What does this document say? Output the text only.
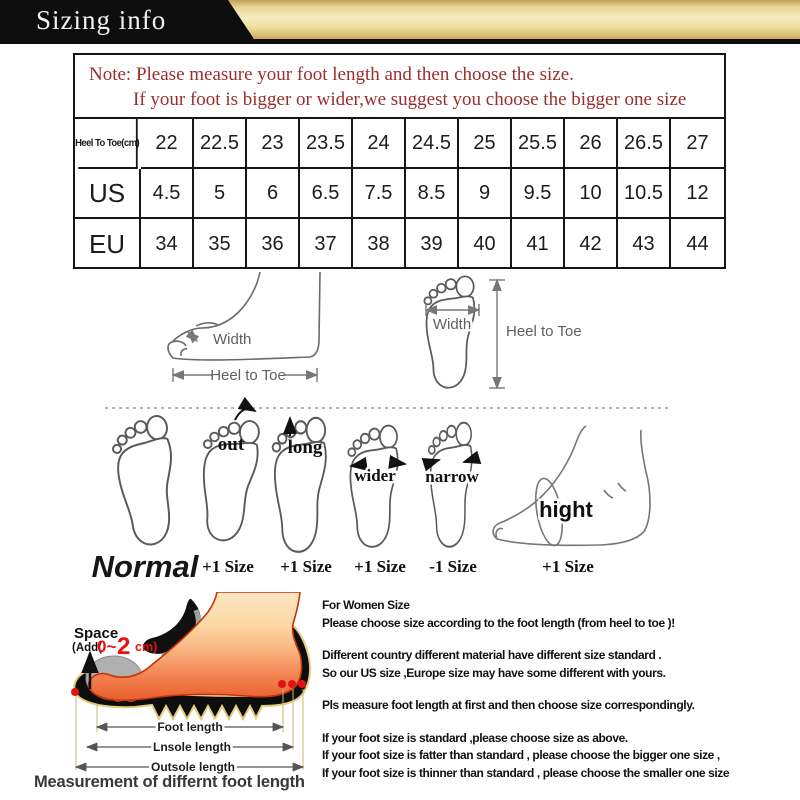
Sizing info
Note: Please measure your foot length and then choose the size.
If your foot is bigger or wider,we suggest you choose the bigger one size
Heel To Toe(cm) 22	22.5	23	23.5	24	24.5	25	25.5	26	26.5	27
US	4.5	5	6	6.5	7.5	8.5	9	9.5	10	10.5	12
EU	34	35	36	37	38	39	40	41	42	43	44
Width
Heel to Toe
Width Heel to Toe
out long
wider narrow
hight
Normal +1 Size +1 Size +1 Size -1 Size	+1 Size
Space
(Add(
0~ 2 cm)
Foot length
Lnsole length
Outsole length
For Women Size
Please choose size according to the foot length (from heel to toe )!
Different country different material have different size standard .
So our US size ,Europe size may have some different with yours.
Pls measure foot length at first and then choose size correspondingly.
If your foot size is standard ,please choose size as above.
If your foot size is fatter than standard , please choose the bigger one size ,
If your foot size is thinner than standard , please choose the smaller one size
Measurement of differnt foot length
